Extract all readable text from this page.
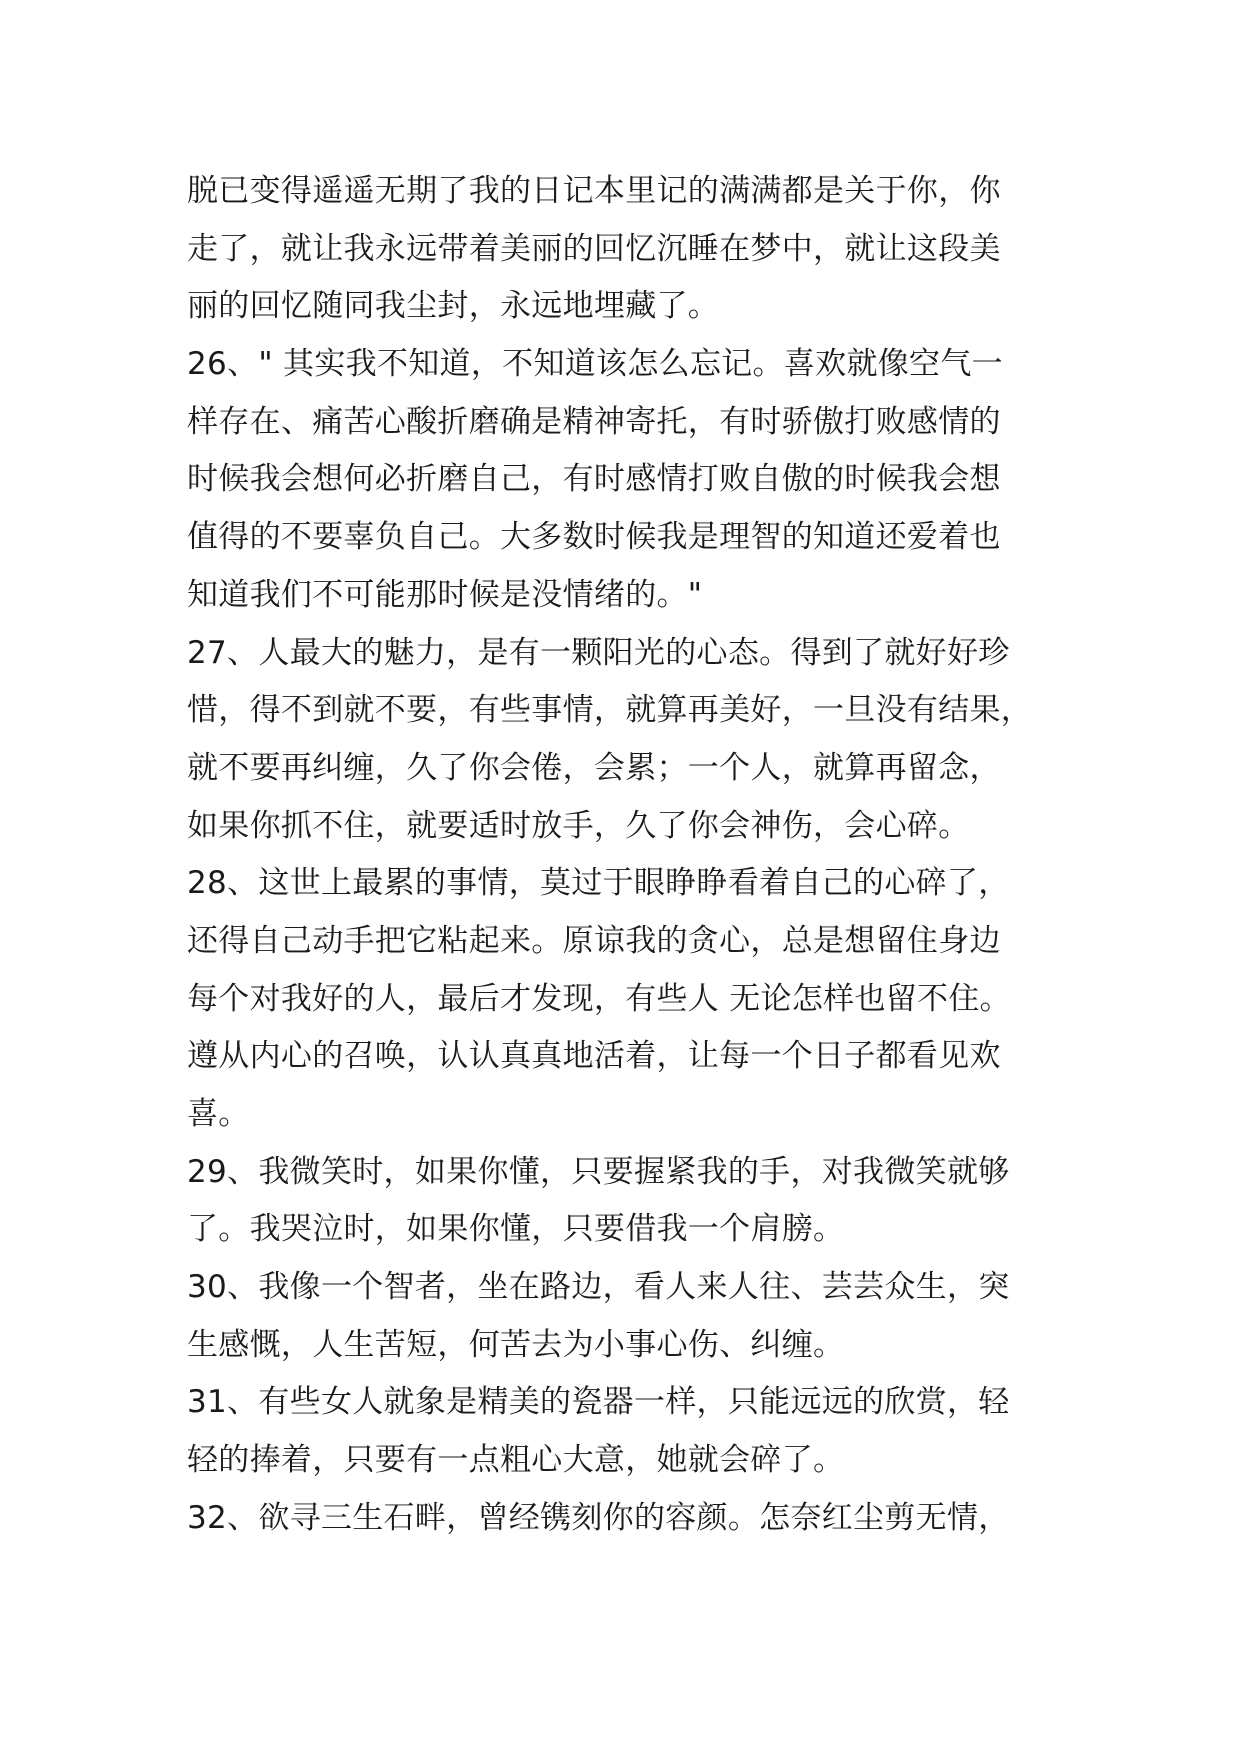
脱已变得遥遥无期了我的日记本里记的满满都是关于你，你
走了，就让我永远带着美丽的回忆沉睡在梦中，就让这段美
丽的回忆随同我尘封，永远地埋藏了。
26、" 其实我不知道，不知道该怎么忘记。喜欢就像空气一
样存在、痛苦心酸折磨确是精神寄托，有时骄傲打败感情的
时候我会想何必折磨自己，有时感情打败自傲的时候我会想
值得的不要辜负自己。大多数时候我是理智的知道还爱着也
知道我们不可能那时候是没情绪的。"
27、人最大的魅力，是有一颗阳光的心态。得到了就好好珍
惜，得不到就不要，有些事情，就算再美好，一旦没有结果，
就不要再纠缠，久了你会倦，会累；一个人，就算再留念，
如果你抓不住，就要适时放手，久了你会神伤，会心碎。
28、这世上最累的事情，莫过于眼睁睁看着自己的心碎了，
还得自己动手把它粘起来。原谅我的贪心，总是想留住身边
每个对我好的人，最后才发现，有些人 无论怎样也留不住。
遵从内心的召唤，认认真真地活着，让每一个日子都看见欢
喜。
29、我微笑时，如果你懂，只要握紧我的手，对我微笑就够
了。我哭泣时，如果你懂，只要借我一个肩膀。
30、我像一个智者，坐在路边，看人来人往、芸芸众生，突
生感慨，人生苦短，何苦去为小事心伤、纠缠。
31、有些女人就象是精美的瓷器一样，只能远远的欣赏，轻
轻的捧着，只要有一点粗心大意，她就会碎了。
32、欲寻三生石畔，曾经镌刻你的容颜。怎奈红尘剪无情，
